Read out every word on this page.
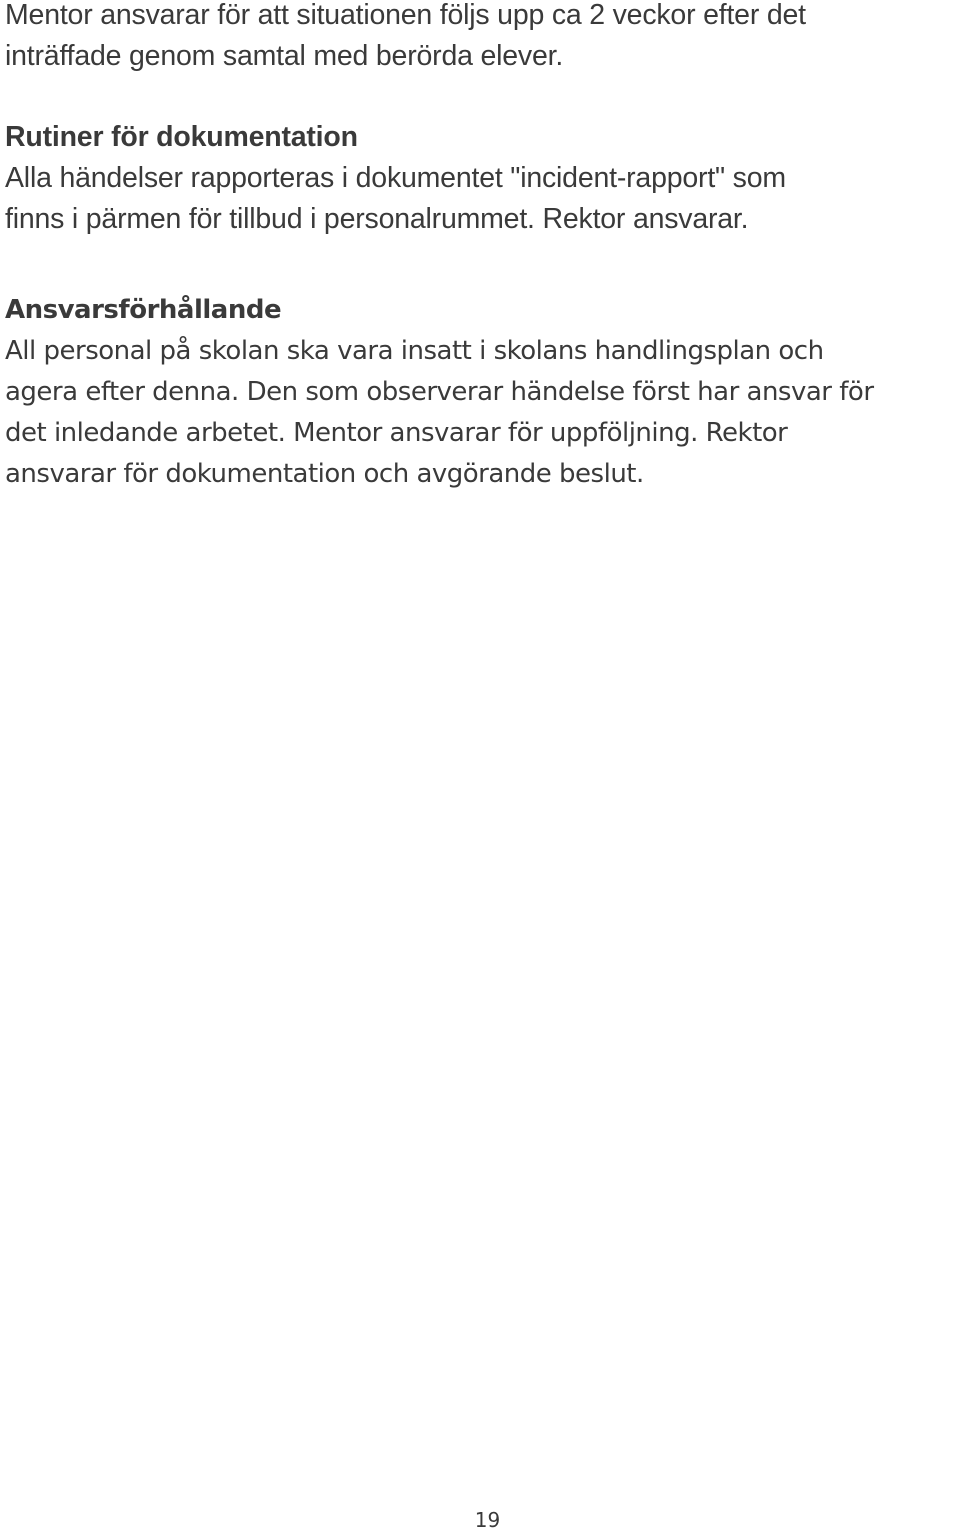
Mentor ansvarar för att situationen följs upp ca 2 veckor efter det
inträffade genom samtal med berörda elever.
Rutiner för dokumentation
Alla händelser rapporteras i dokumentet "incident-rapport" som
finns i pärmen för tillbud i personalrummet. Rektor ansvarar.
Ansvarsförhållande
All personal på skolan ska vara insatt i skolans handlingsplan och
agera efter denna. Den som observerar händelse först har ansvar för
det inledande arbetet. Mentor ansvarar för uppföljning. Rektor
ansvarar för dokumentation och avgörande beslut.
19
